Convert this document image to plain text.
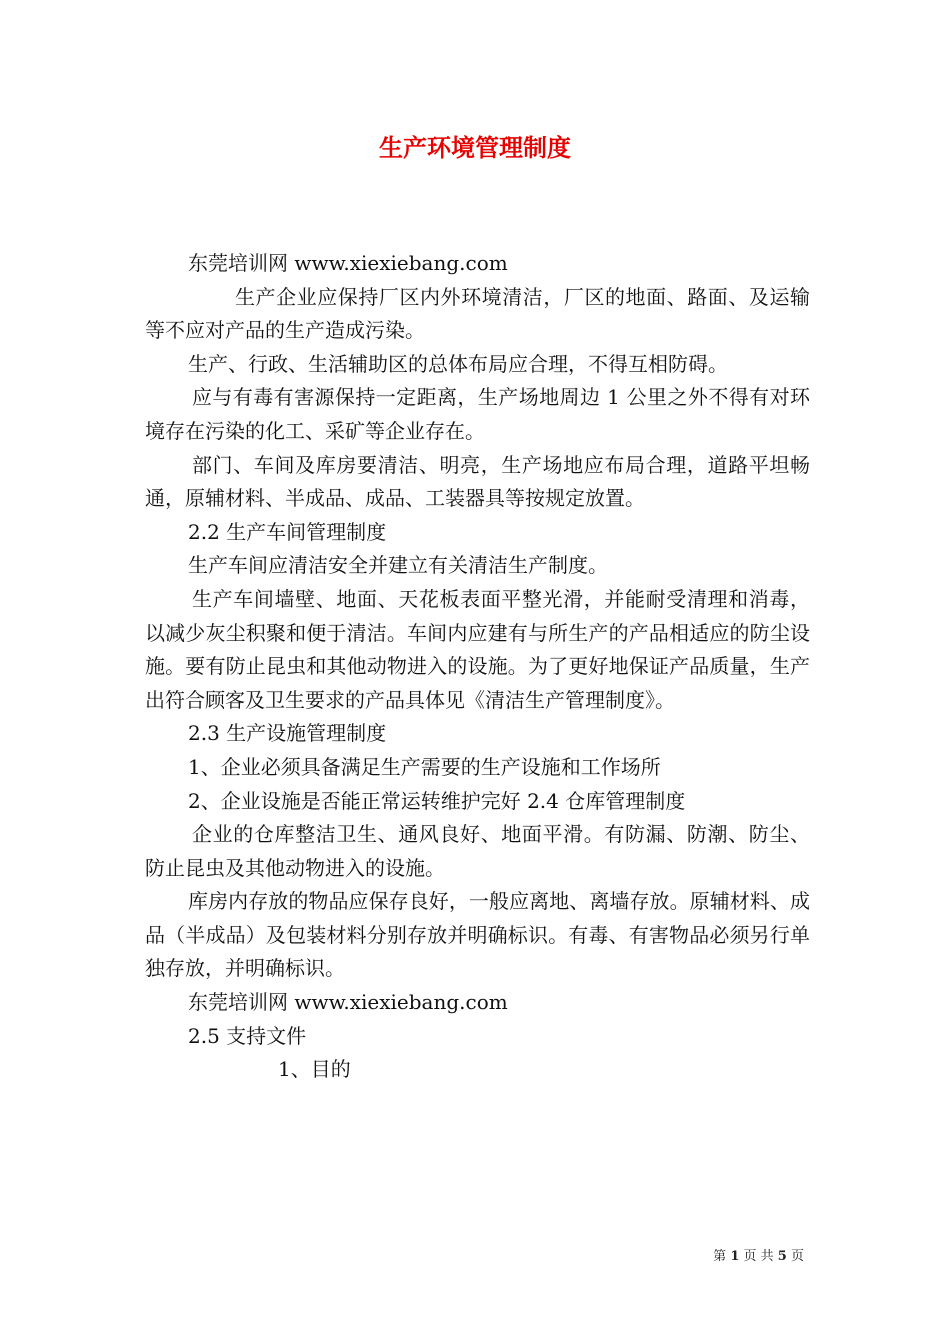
生产环境管理制度

东莞培训网 www.xiexiebang.com

生产企业应保持厂区内外环境清洁，厂区的地面、路面、及运输等不应对产品的生产造成污染。

生产、行政、生活辅助区的总体布局应合理，不得互相防碍。

应与有毒有害源保持一定距离，生产场地周边 1 公里之外不得有对环境存在污染的化工、采矿等企业存在。

部门、车间及库房要清洁、明亮，生产场地应布局合理，道路平坦畅通，原辅材料、半成品、成品、工装器具等按规定放置。

2.2 生产车间管理制度

生产车间应清洁安全并建立有关清洁生产制度。

生产车间墙壁、地面、天花板表面平整光滑，并能耐受清理和消毒，以减少灰尘积聚和便于清洁。车间内应建有与所生产的产品相适应的防尘设施。要有防止昆虫和其他动物进入的设施。为了更好地保证产品质量，生产出符合顾客及卫生要求的产品具体见《清洁生产管理制度》。

2.3 生产设施管理制度

1、企业必须具备满足生产需要的生产设施和工作场所

2、企业设施是否能正常运转维护完好 2.4 仓库管理制度

企业的仓库整洁卫生、通风良好、地面平滑。有防漏、防潮、防尘、防止昆虫及其他动物进入的设施。

库房内存放的物品应保存良好，一般应离地、离墙存放。原辅材料、成品（半成品）及包装材料分别存放并明确标识。有毒、有害物品必须另行单独存放，并明确标识。

东莞培训网 www.xiexiebang.com

2.5 支持文件

1、目的

第 1 页 共 5 页
